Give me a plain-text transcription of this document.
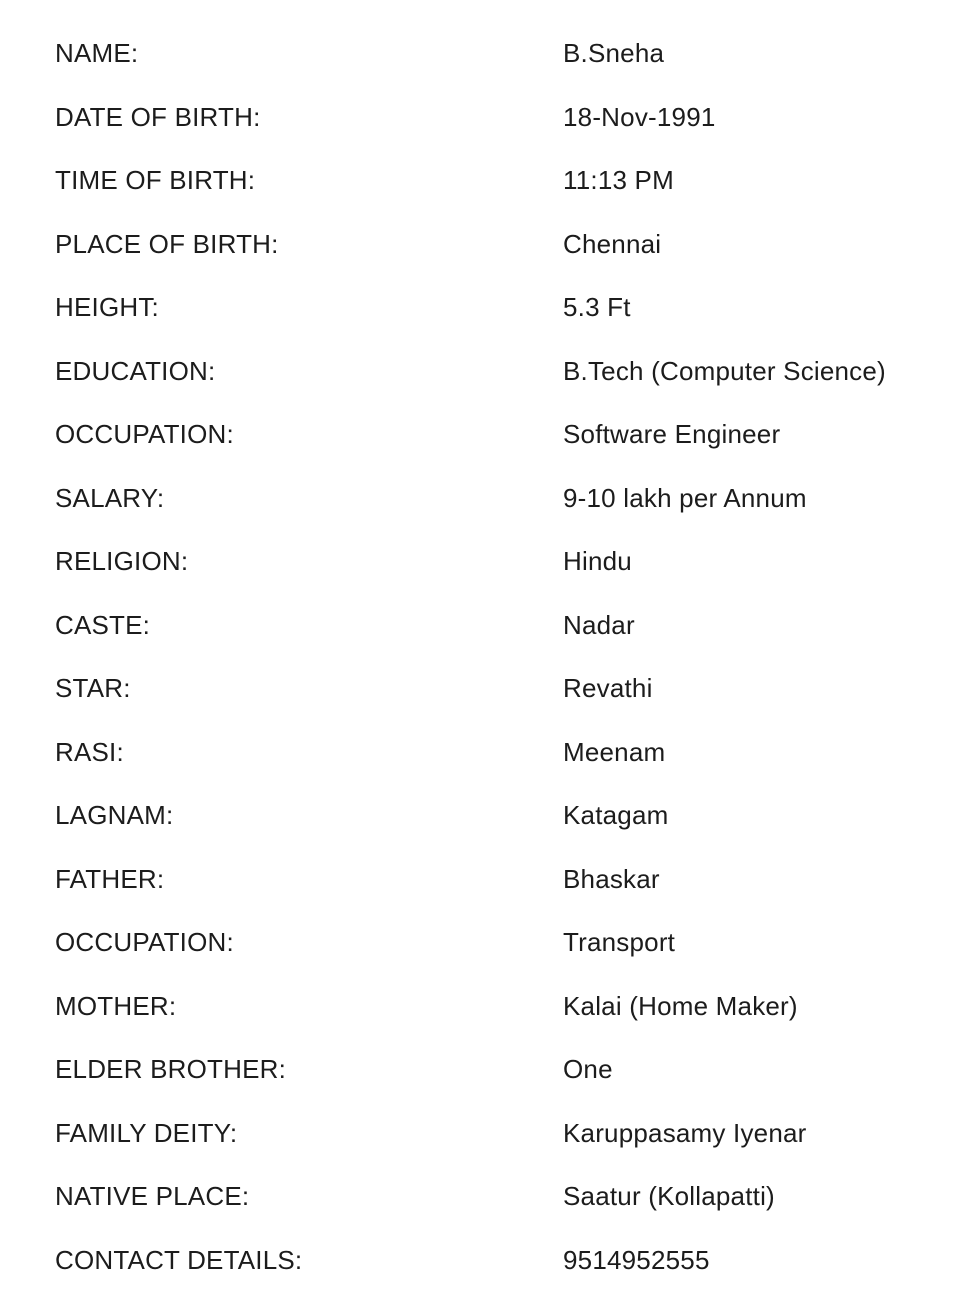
NAME:	B.Sneha
DATE OF BIRTH:	18-Nov-1991
TIME OF BIRTH:	11:13 PM
PLACE OF BIRTH:	Chennai
HEIGHT:	5.3 Ft
EDUCATION:	B.Tech (Computer Science)
OCCUPATION:	Software Engineer
SALARY:	9-10 lakh per Annum
RELIGION:	Hindu
CASTE:	Nadar
STAR:	Revathi
RASI:	Meenam
LAGNAM:	Katagam
FATHER:	Bhaskar
OCCUPATION:	Transport
MOTHER:	Kalai (Home Maker)
ELDER BROTHER:	One
FAMILY DEITY:	Karuppasamy Iyenar
NATIVE PLACE:	Saatur (Kollapatti)
CONTACT DETAILS:	9514952555
